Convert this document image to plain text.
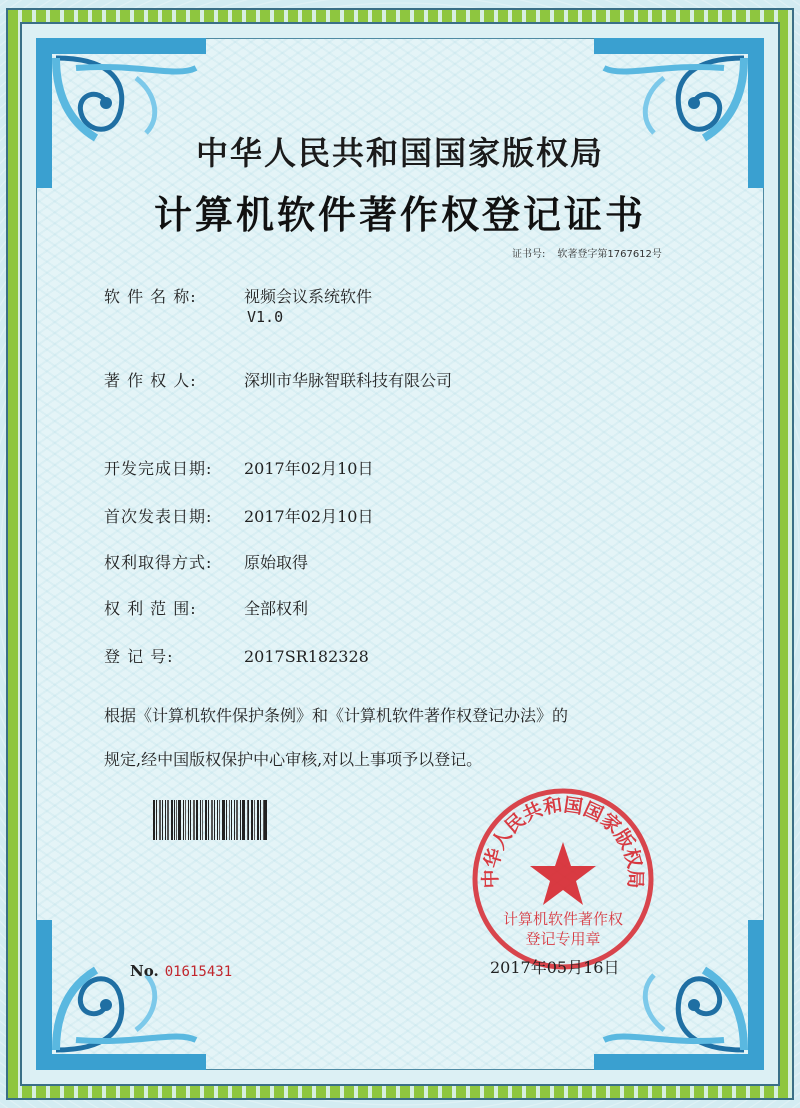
中华人民共和国国家版权局
计算机软件著作权登记证书
证书号: 软著登字第1767612号
软 件 名 称:	视频会议系统软件
V1.0
著 作 权 人:	深圳市华脉智联科技有限公司
开发完成日期: 2017年02月10日
首次发表日期: 2017年02月10日
权利取得方式: 原始取得
权 利 范 围:	全部权利
登 记 号:	2017SR182328
根据《计算机软件保护条例》和《计算机软件著作权登记办法》的
规定,经中国版权保护中心审核,对以上事项予以登记。
中华人民共和国国家版权局
计算机软件著作权
登记专用章
No. 01615431	2017年05月16日
